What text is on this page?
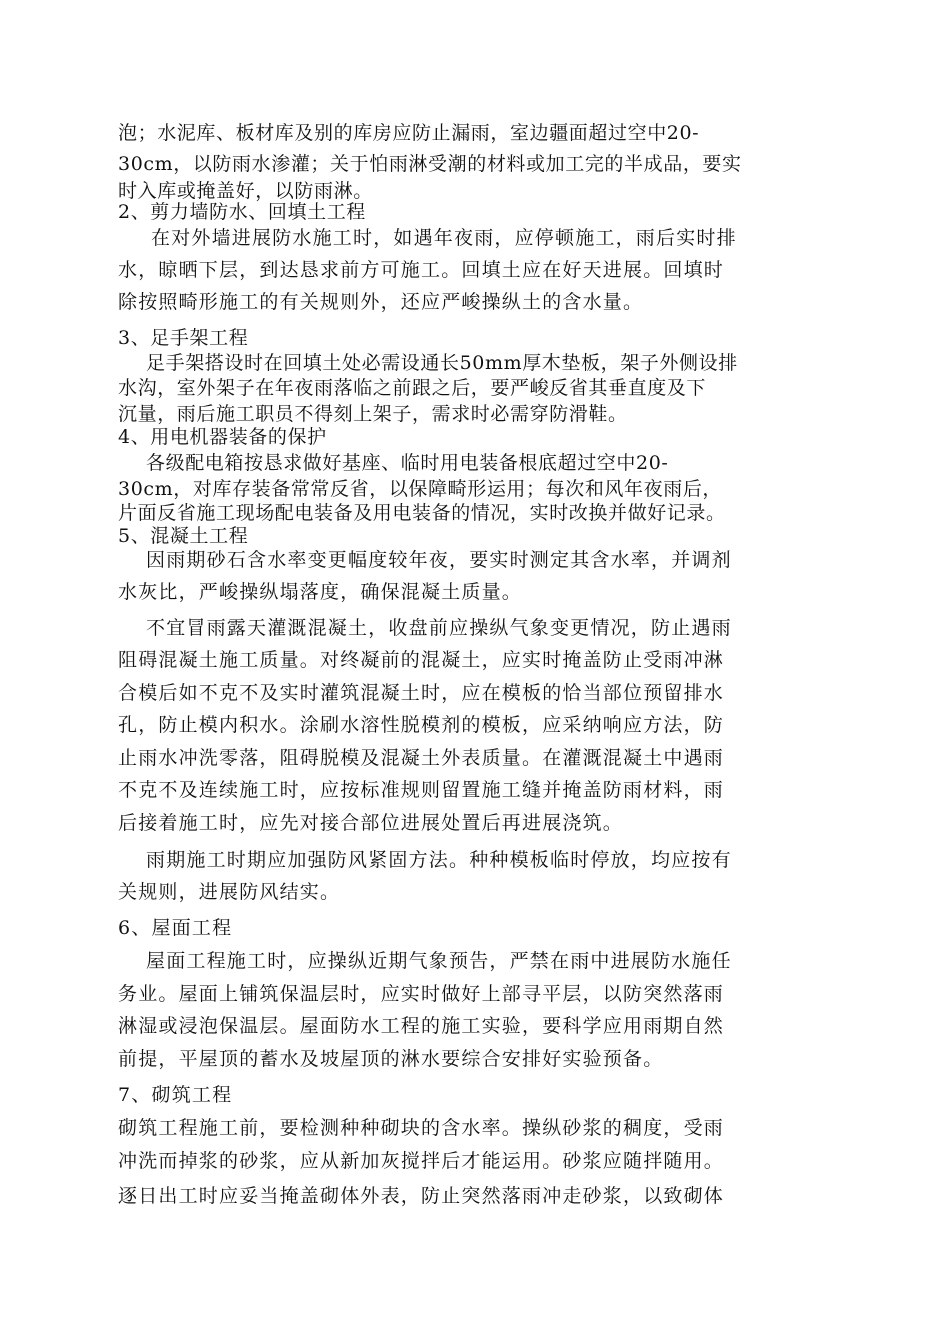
泡；水泥库、板材库及别的库房应防止漏雨，室边疆面超过空中20-
30cm，以防雨水渗灌；关于怕雨淋受潮的材料或加工完的半成品，要实
时入库或掩盖好，以防雨淋。
2、剪力墙防水、回填土工程
在对外墙进展防水施工时，如遇年夜雨，应停顿施工，雨后实时排
水，晾晒下层，到达恳求前方可施工。回填土应在好天进展。回填时
除按照畸形施工的有关规则外，还应严峻操纵土的含水量。
3、足手架工程
足手架搭设时在回填土处必需设通长50mm厚木垫板，架子外侧设排
水沟，室外架子在年夜雨落临之前跟之后，要严峻反省其垂直度及下
沉量，雨后施工职员不得刻上架子，需求时必需穿防滑鞋。
4、用电机器装备的保护
各级配电箱按恳求做好基座、临时用电装备根底超过空中20-
30cm，对库存装备常常反省，以保障畸形运用；每次和风年夜雨后，
片面反省施工现场配电装备及用电装备的情况，实时改换并做好记录。
5、混凝土工程
因雨期砂石含水率变更幅度较年夜，要实时测定其含水率，并调剂
水灰比，严峻操纵塌落度，确保混凝土质量。
不宜冒雨露天灌溉混凝土，收盘前应操纵气象变更情况，防止遇雨
阻碍混凝土施工质量。对终凝前的混凝土，应实时掩盖防止受雨冲淋
合模后如不克不及实时灌筑混凝土时，应在模板的恰当部位预留排水
孔，防止模内积水。涂刷水溶性脱模剂的模板，应采纳响应方法，防
止雨水冲洗零落，阻碍脱模及混凝土外表质量。在灌溉混凝土中遇雨
不克不及连续施工时，应按标准规则留置施工缝并掩盖防雨材料，雨
后接着施工时，应先对接合部位进展处置后再进展浇筑。
雨期施工时期应加强防风紧固方法。种种模板临时停放，均应按有
关规则，进展防风结实。
6、屋面工程
屋面工程施工时，应操纵近期气象预告，严禁在雨中进展防水施任
务业。屋面上铺筑保温层时，应实时做好上部寻平层，以防突然落雨
淋湿或浸泡保温层。屋面防水工程的施工实验，要科学应用雨期自然
前提，平屋顶的蓄水及坡屋顶的淋水要综合安排好实验预备。
7、砌筑工程
砌筑工程施工前，要检测种种砌块的含水率。操纵砂浆的稠度，受雨
冲洗而掉浆的砂浆，应从新加灰搅拌后才能运用。砂浆应随拌随用。
逐日出工时应妥当掩盖砌体外表，防止突然落雨冲走砂浆，以致砌体
